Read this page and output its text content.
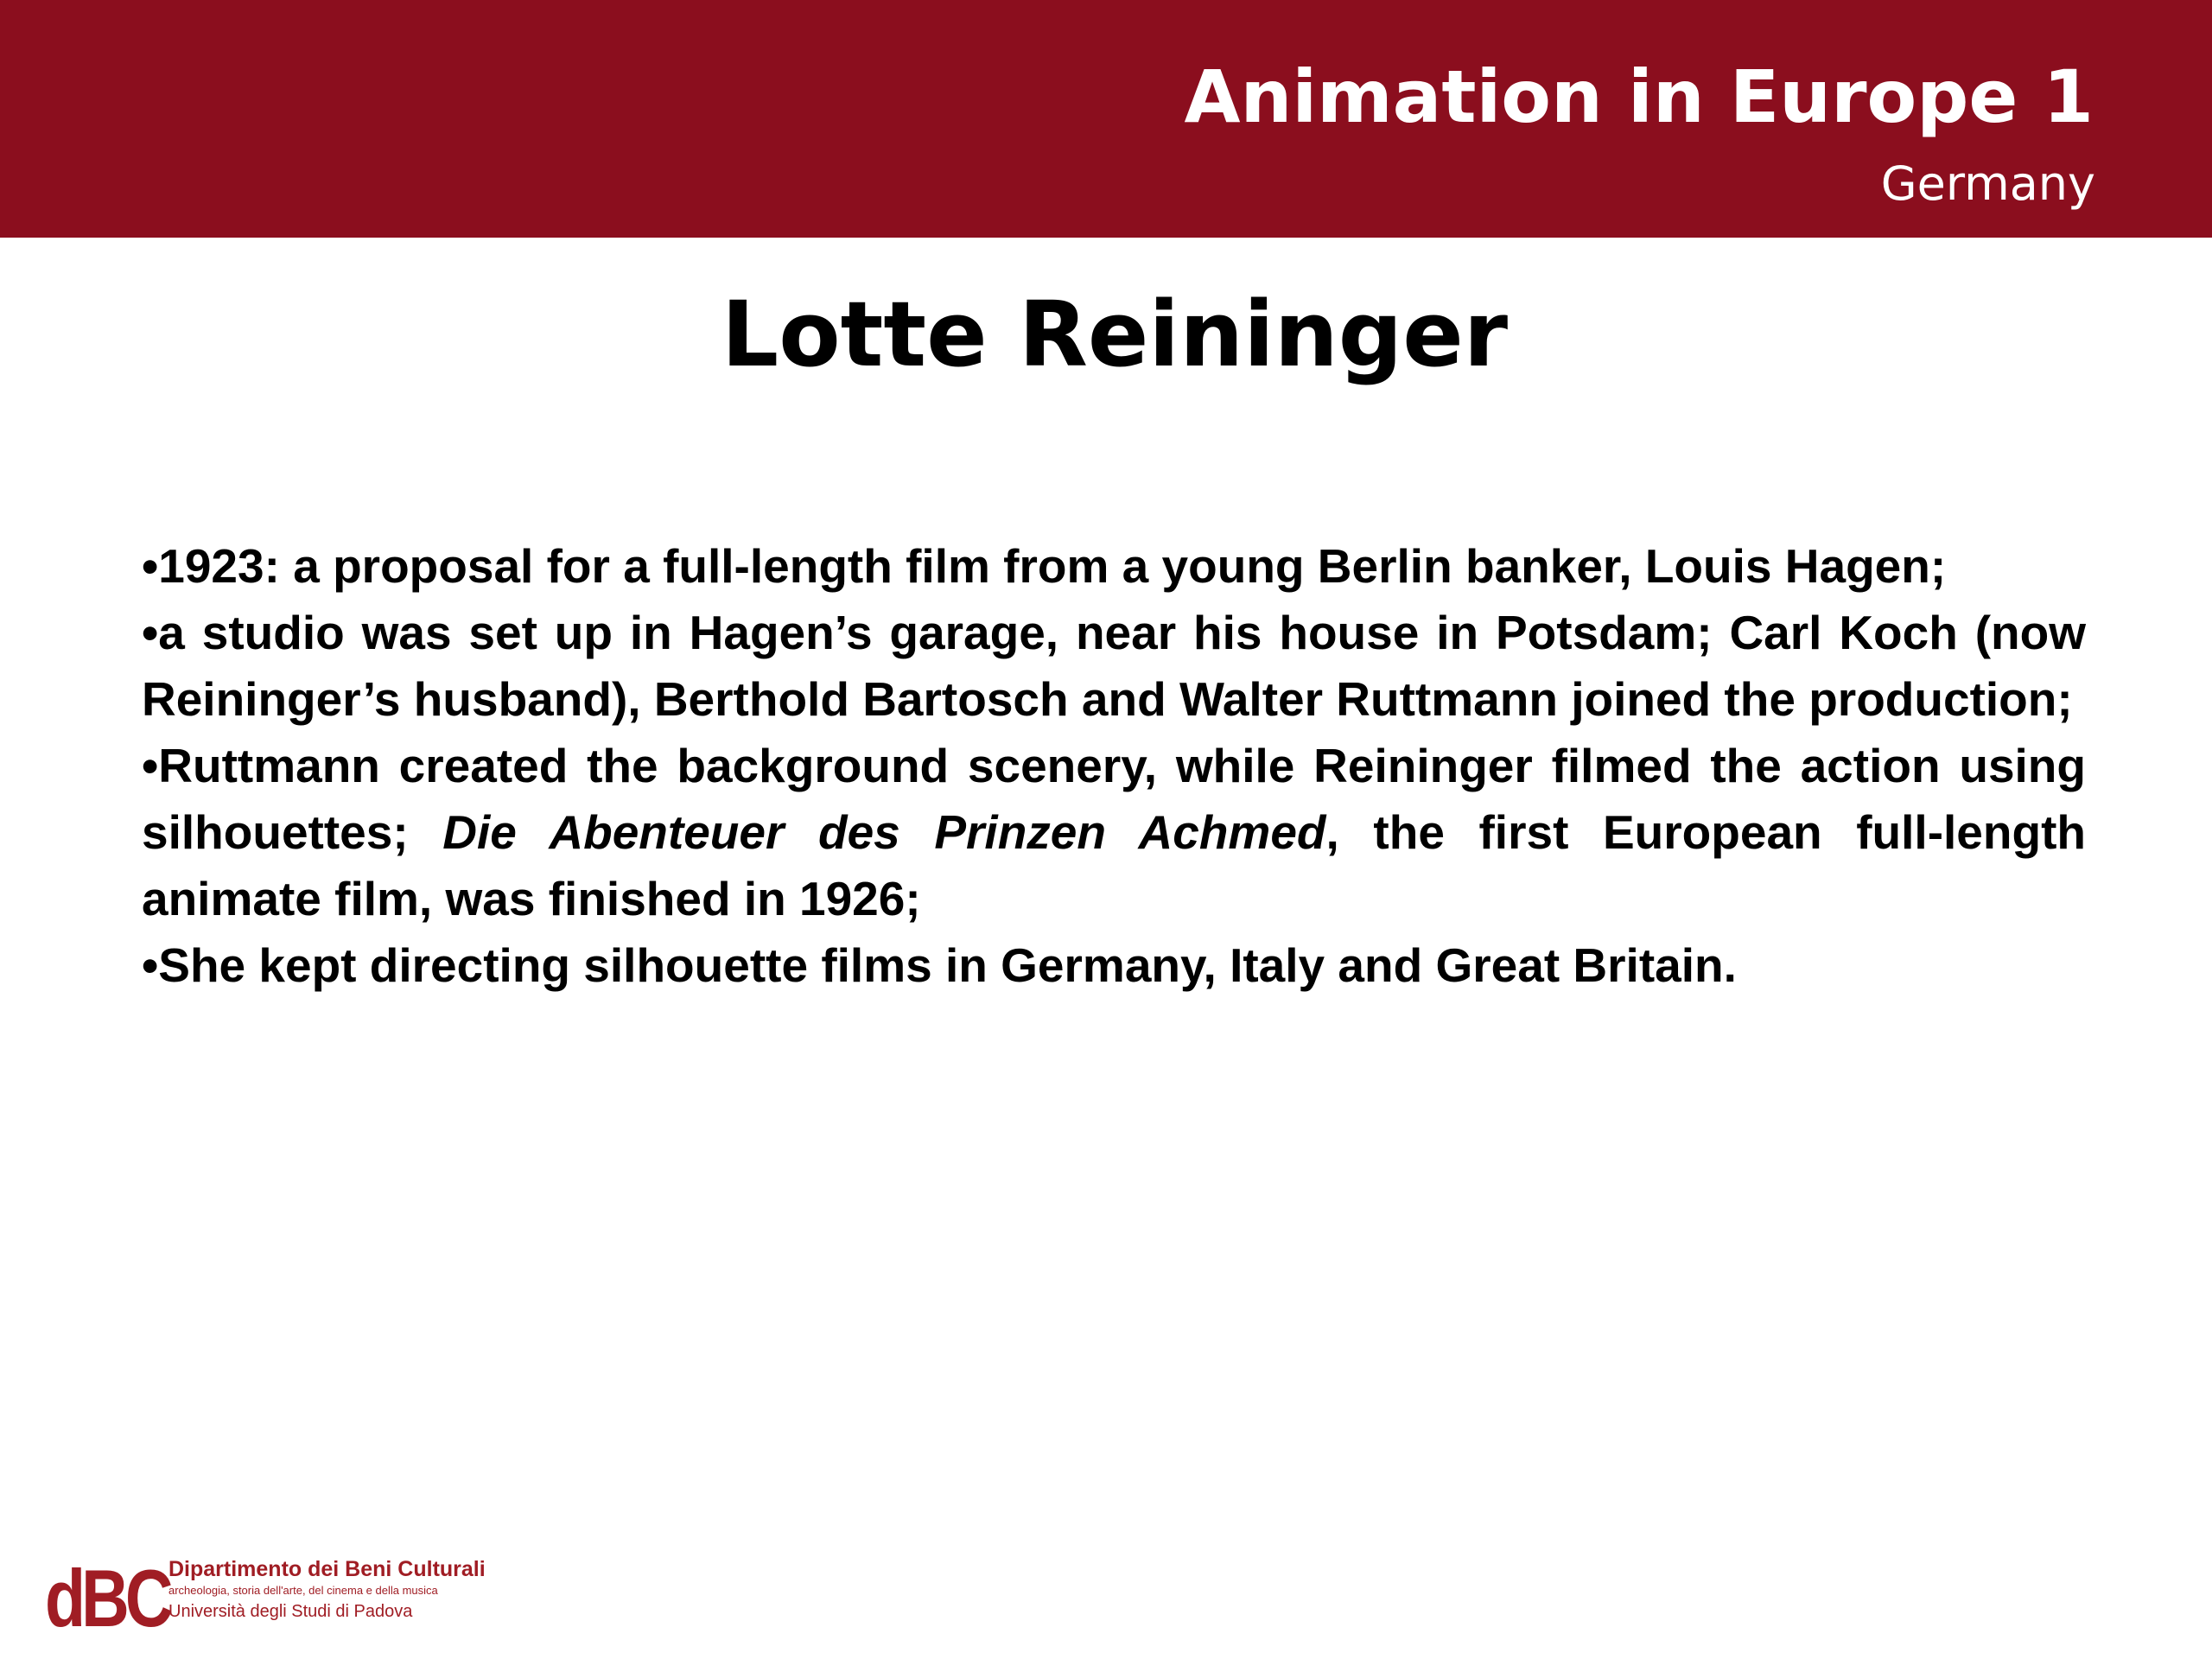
Animation in Europe 1
Germany
Lotte Reininger

•1923: a proposal for a full-length film from a young Berlin banker, Louis Hagen;

•a studio was set up in Hagen’s garage, near his house in Potsdam; Carl Koch (now Reininger’s husband), Berthold Bartosch and Walter Ruttmann joined the production;

•Ruttmann created the background scenery, while Reininger filmed the action using silhouettes; Die Abenteuer des Prinzen Achmed, the first European full-length animate film, was finished in 1926;

•She kept directing silhouette films in Germany, Italy and Great Britain.

dBC Dipartimento dei Beni Culturali
archeologia, storia dell'arte, del cinema e della musica
Università degli Studi di Padova
